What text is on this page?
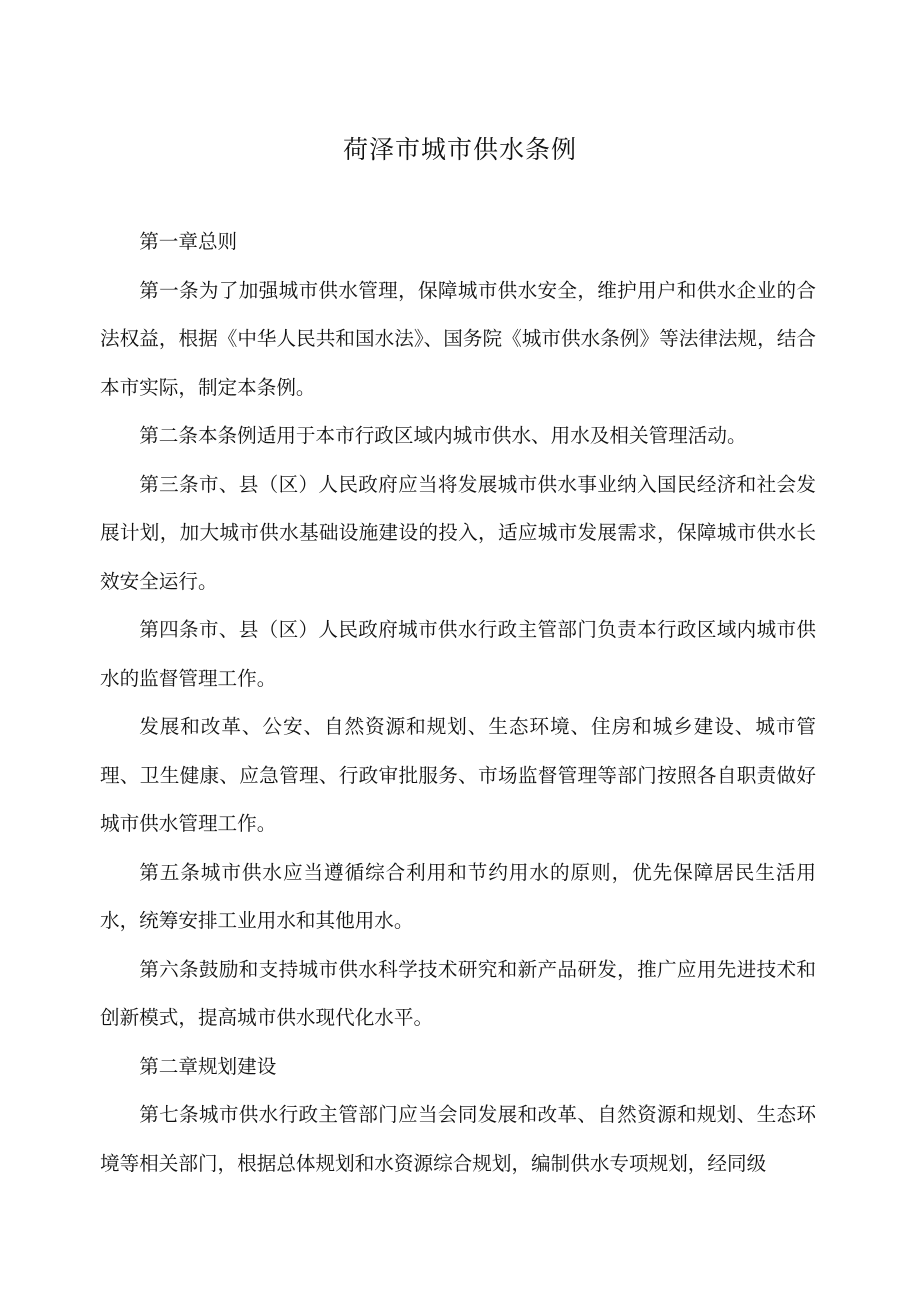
荷泽市城市供水条例

第一章总则

第一条为了加强城市供水管理，保障城市供水安全，维护用户和供水企业的合法权益，根据《中华人民共和国水法》、国务院《城市供水条例》等法律法规，结合本市实际，制定本条例。

第二条本条例适用于本市行政区域内城市供水、用水及相关管理活动。

第三条市、县（区）人民政府应当将发展城市供水事业纳入国民经济和社会发展计划，加大城市供水基础设施建设的投入，适应城市发展需求，保障城市供水长效安全运行。

第四条市、县（区）人民政府城市供水行政主管部门负责本行政区域内城市供水的监督管理工作。

发展和改革、公安、自然资源和规划、生态环境、住房和城乡建设、城市管理、卫生健康、应急管理、行政审批服务、市场监督管理等部门按照各自职责做好城市供水管理工作。

第五条城市供水应当遵循综合利用和节约用水的原则，优先保障居民生活用水，统筹安排工业用水和其他用水。

第六条鼓励和支持城市供水科学技术研究和新产品研发，推广应用先进技术和创新模式，提高城市供水现代化水平。

第二章规划建设

第七条城市供水行政主管部门应当会同发展和改革、自然资源和规划、生态环境等相关部门，根据总体规划和水资源综合规划，编制供水专项规划，经同级
